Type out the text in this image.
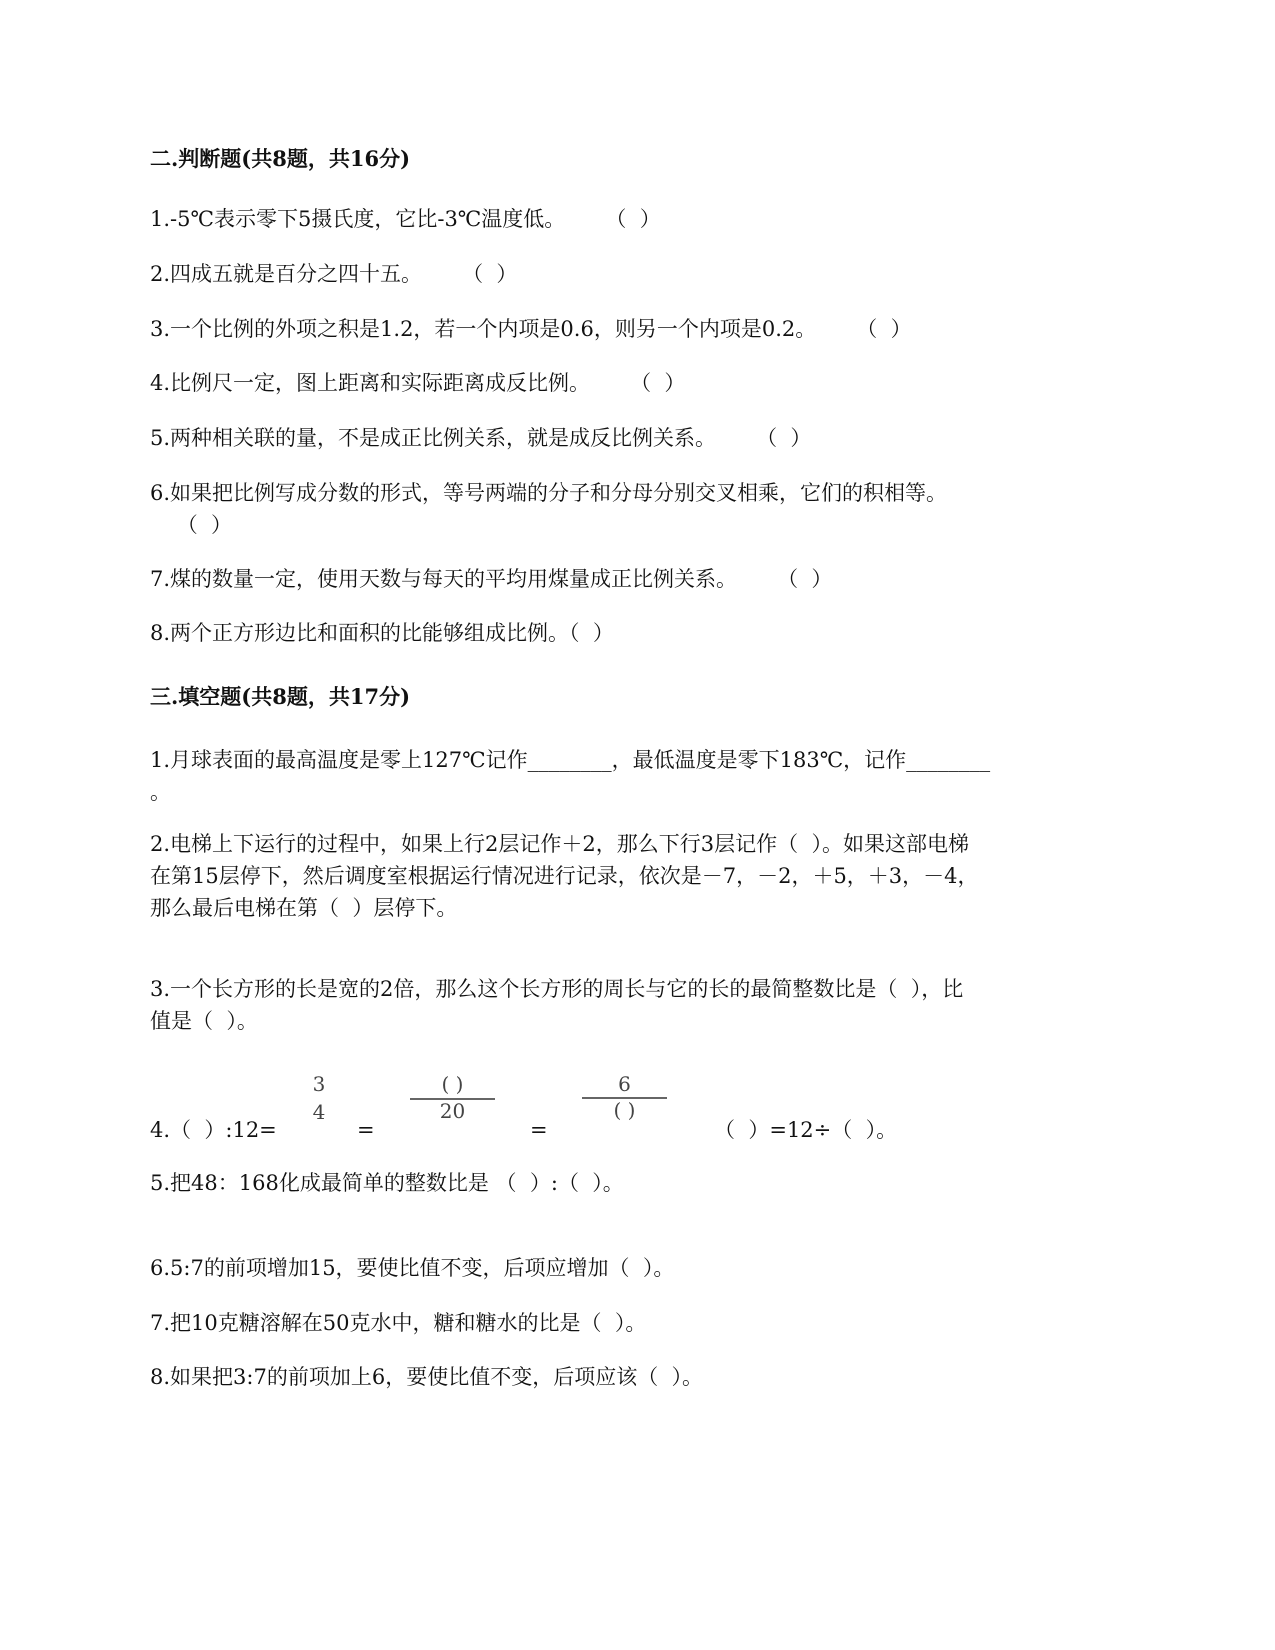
二.判断题(共8题，共16分)
1.-5℃表示零下5摄氏度，它比-3℃温度低。      （  ）
2.四成五就是百分之四十五。      （  ）
3.一个比例的外项之积是1.2，若一个内项是0.6，则另一个内项是0.2。      （  ）
4.比例尺一定，图上距离和实际距离成反比例。      （  ）
5.两种相关联的量，不是成正比例关系，就是成反比例关系。      （  ）
6.如果把比例写成分数的形式，等号两端的分子和分母分别交叉相乘，它们的积相等。
（  ）
7.煤的数量一定，使用天数与每天的平均用煤量成正比例关系。      （  ）
8.两个正方形边比和面积的比能够组成比例。（  ）
三.填空题(共8题，共17分)
1.月球表面的最高温度是零上127℃记作________，最低温度是零下183℃，记作________
。
2.电梯上下运行的过程中，如果上行2层记作＋2，那么下行3层记作（  ）。如果这部电梯
在第15层停下，然后调度室根据运行情况进行记录，依次是－7，－2，＋5，＋3，－4，
那么最后电梯在第（  ）层停下。
3.一个长方形的长是宽的2倍，那么这个长方形的周长与它的长的最简整数比是（  ），比
值是（  ）。
4.（  ）:12=
3
4
=
( )
20
=
6
( )
（  ）=12÷（  ）。
5.把48：168化成最简单的整数比是 （  ）:（  ）。
6.5:7的前项增加15，要使比值不变，后项应增加（  ）。
7.把10克糖溶解在50克水中，糖和糖水的比是（  ）。
8.如果把3:7的前项加上6，要使比值不变，后项应该（  ）。
